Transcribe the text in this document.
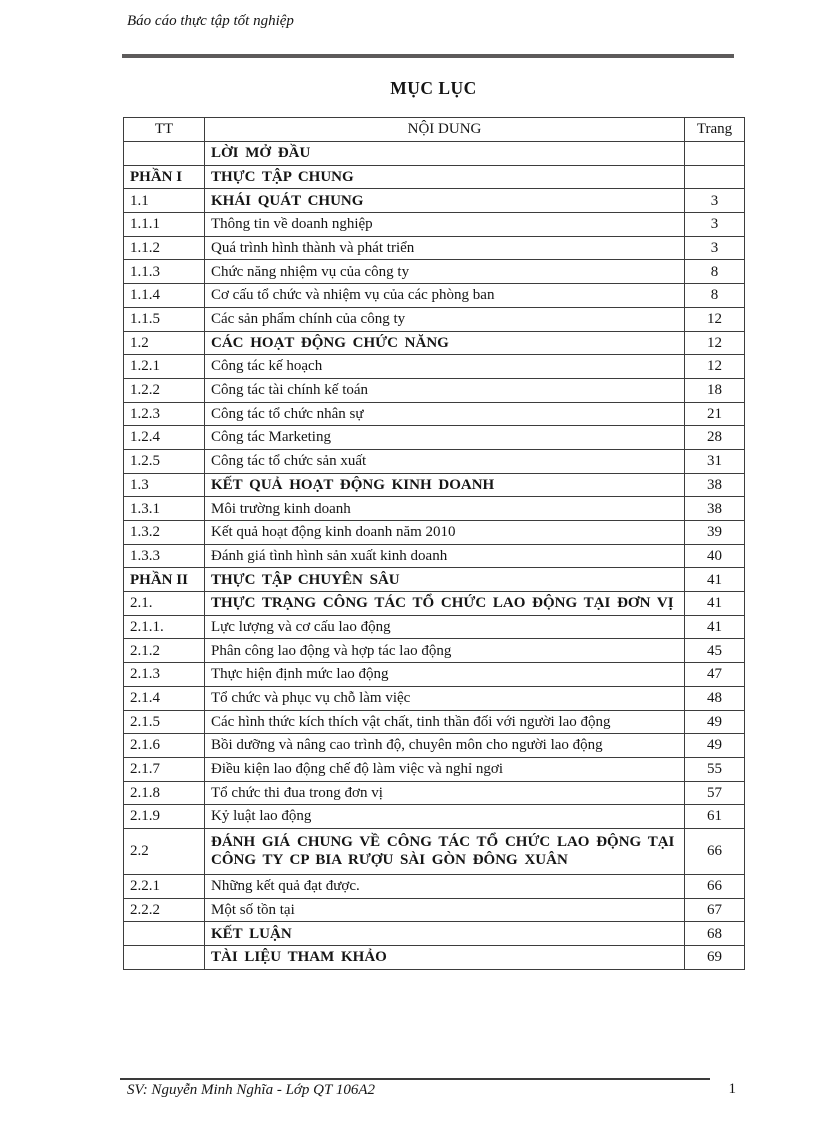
Báo cáo thực tập tốt nghiệp
MỤC LỤC
TT	NỘI DUNG	Trang
	LỜI MỞ ĐẦU	
PHẦN I	THỰC TẬP CHUNG	
1.1	KHÁI QUÁT CHUNG	3
1.1.1	Thông tin về doanh nghiệp	3
1.1.2	Quá trình hình thành và phát triển	3
1.1.3	Chức năng nhiệm vụ của công ty	8
1.1.4	Cơ cấu tổ chức và nhiệm vụ của các phòng ban	8
1.1.5	Các sản phẩm chính của công ty	12
1.2	CÁC HOẠT ĐỘNG CHỨC NĂNG	12
1.2.1	Công tác kế hoạch	12
1.2.2	Công tác tài chính kế toán	18
1.2.3	Công tác tổ chức nhân sự	21
1.2.4	Công tác Marketing	28
1.2.5	Công tác tổ chức sản xuất	31
1.3	KẾT QUẢ HOẠT ĐỘNG KINH DOANH	38
1.3.1	Môi trường kinh doanh	38
1.3.2	Kết quả hoạt động kinh doanh năm 2010	39
1.3.3	Đánh giá tình hình sản xuất kinh doanh	40
PHẦN II	THỰC TẬP CHUYÊN SÂU	41
2.1.	THỰC TRẠNG CÔNG TÁC TỔ CHỨC LAO ĐỘNG TẠI ĐƠN VỊ	41
2.1.1.	Lực lượng và cơ cấu lao động	41
2.1.2	Phân công lao động và hợp tác lao động	45
2.1.3	Thực hiện định mức lao động	47
2.1.4	Tổ chức và phục vụ chỗ làm việc	48
2.1.5	Các hình thức kích thích vật chất, tinh thần đối với người lao động	49
2.1.6	Bồi dưỡng và nâng cao trình độ, chuyên môn cho người lao động	49
2.1.7	Điều kiện lao động chế độ làm việc và nghỉ ngơi	55
2.1.8	Tổ chức thi đua trong đơn vị	57
2.1.9	Kỷ luật lao động	61
2.2	ĐÁNH GIÁ CHUNG VỀ CÔNG TÁC TỔ CHỨC LAO ĐỘNG TẠI CÔNG TY CP BIA RƯỢU SÀI GÒN ĐÔNG XUÂN	66
2.2.1	Những kết quả đạt được.	66
2.2.2	Một số tồn tại	67
	KẾT LUẬN	68
	TÀI LIỆU THAM KHẢO	69
SV: Nguyễn Minh Nghĩa - Lớp QT 106A2	1
